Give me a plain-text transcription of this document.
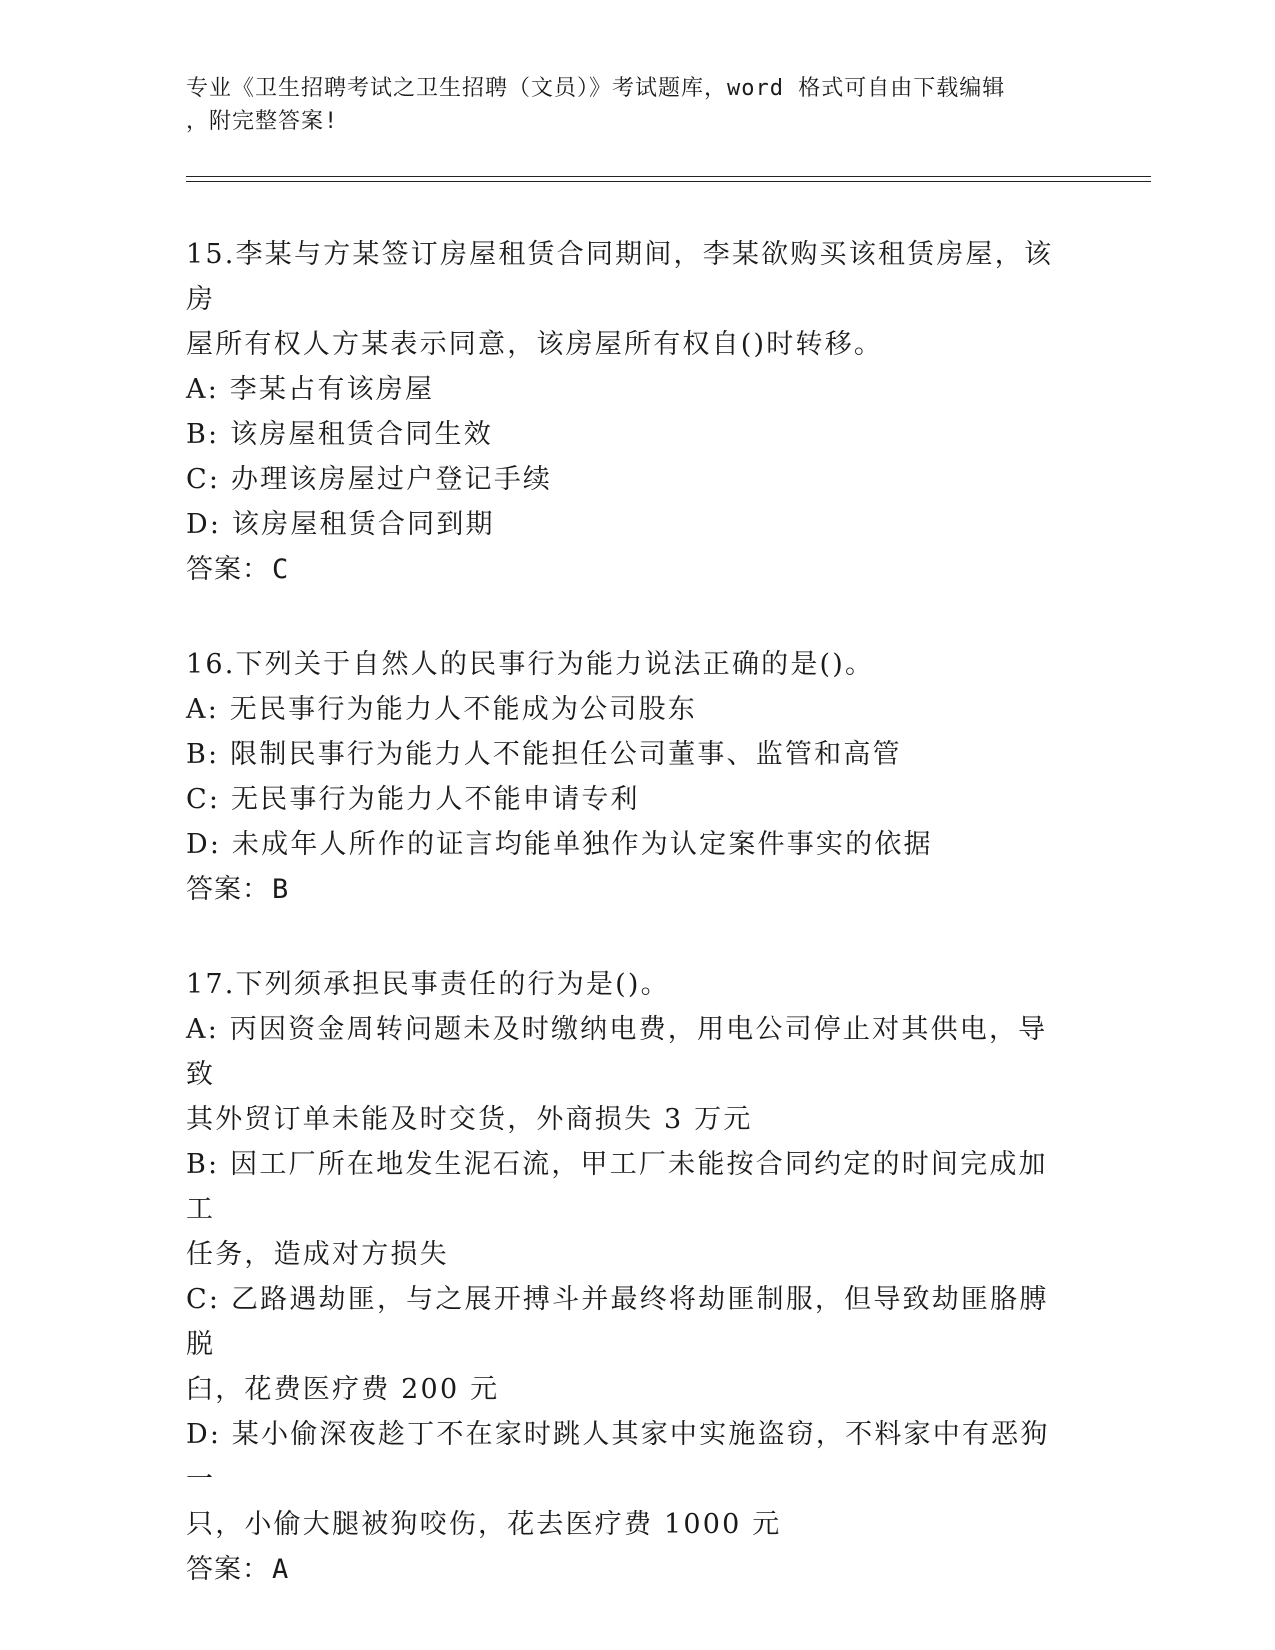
专业《卫生招聘考试之卫生招聘（文员）》考试题库，word 格式可自由下载编辑
，附完整答案!

15.李某与方某签订房屋租赁合同期间，李某欲购买该租赁房屋，该房

屋所有权人方某表示同意，该房屋所有权自()时转移。

A: 李某占有该房屋

B: 该房屋租赁合同生效

C: 办理该房屋过户登记手续

D: 该房屋租赁合同到期

答案：C

16.下列关于自然人的民事行为能力说法正确的是()。

A: 无民事行为能力人不能成为公司股东

B: 限制民事行为能力人不能担任公司董事、监管和高管

C: 无民事行为能力人不能申请专利

D: 未成年人所作的证言均能单独作为认定案件事实的依据

答案：B

17.下列须承担民事责任的行为是()。

A: 丙因资金周转问题未及时缴纳电费，用电公司停止对其供电，导致

其外贸订单未能及时交货，外商损失 3 万元

B: 因工厂所在地发生泥石流，甲工厂未能按合同约定的时间完成加工

任务，造成对方损失

C: 乙路遇劫匪，与之展开搏斗并最终将劫匪制服，但导致劫匪胳膊脱

臼，花费医疗费 200 元

D: 某小偷深夜趁丁不在家时跳人其家中实施盗窃，不料家中有恶狗一

只，小偷大腿被狗咬伤，花去医疗费 1000 元

答案：A
